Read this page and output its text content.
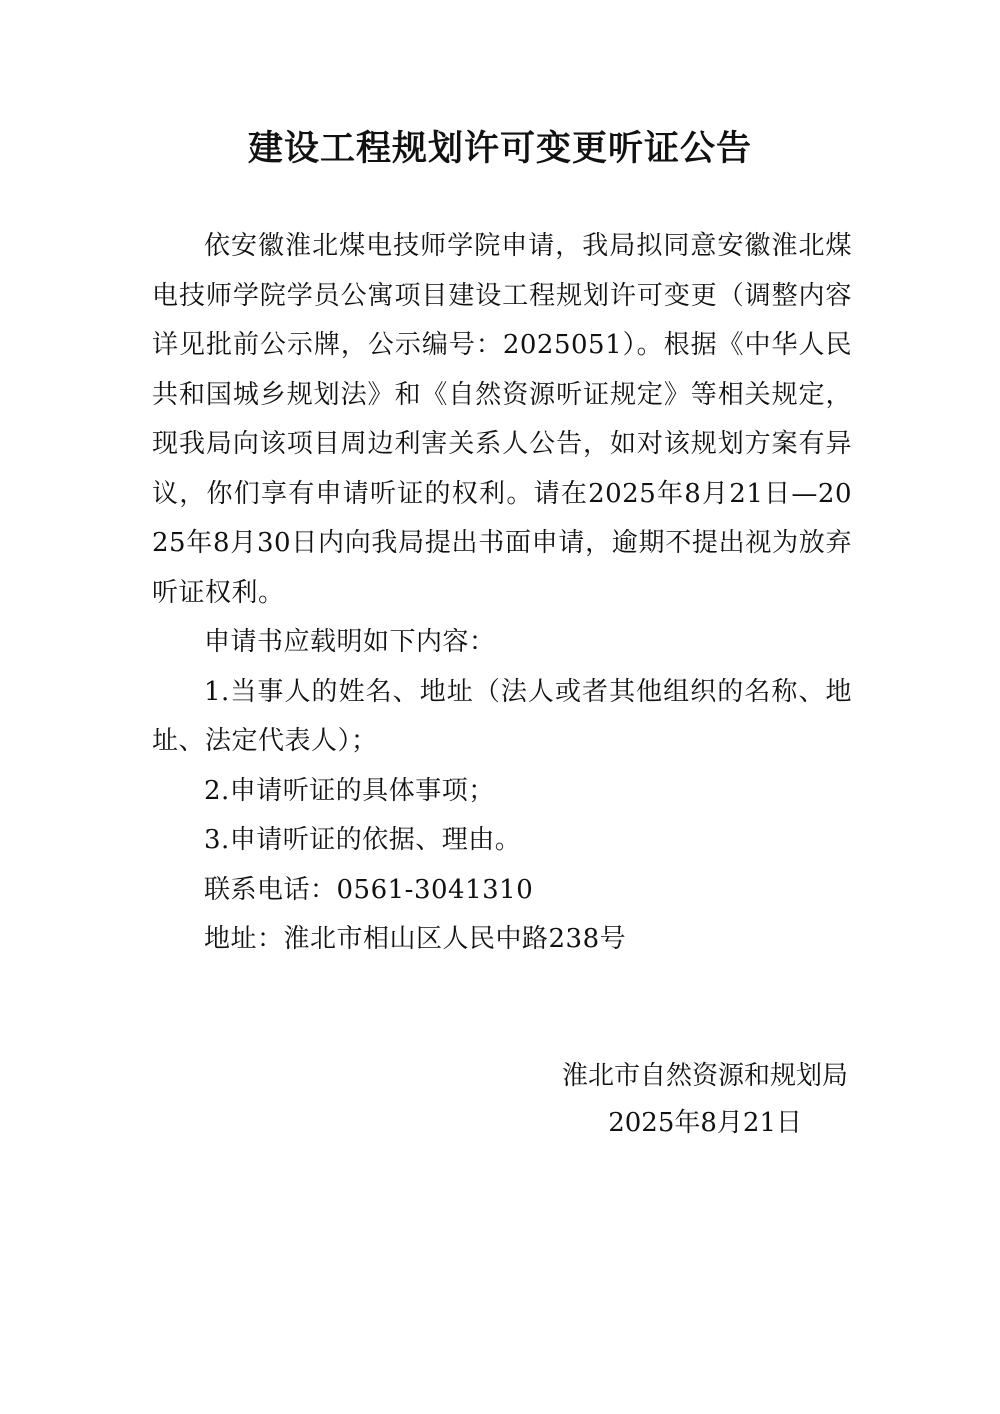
建设工程规划许可变更听证公告

依安徽淮北煤电技师学院申请，我局拟同意安徽淮北煤电技师学院学员公寓项目建设工程规划许可变更（调整内容详见批前公示牌，公示编号：2025051）。根据《中华人民共和国城乡规划法》和《自然资源听证规定》等相关规定，现我局向该项目周边利害关系人公告，如对该规划方案有异议，你们享有申请听证的权利。请在2025年8月21日—2025年8月30日内向我局提出书面申请，逾期不提出视为放弃听证权利。

申请书应载明如下内容：

1.当事人的姓名、地址（法人或者其他组织的名称、地址、法定代表人）；

2.申请听证的具体事项；

3.申请听证的依据、理由。

联系电话：0561-3041310

地址：淮北市相山区人民中路238号

淮北市自然资源和规划局
2025年8月21日
